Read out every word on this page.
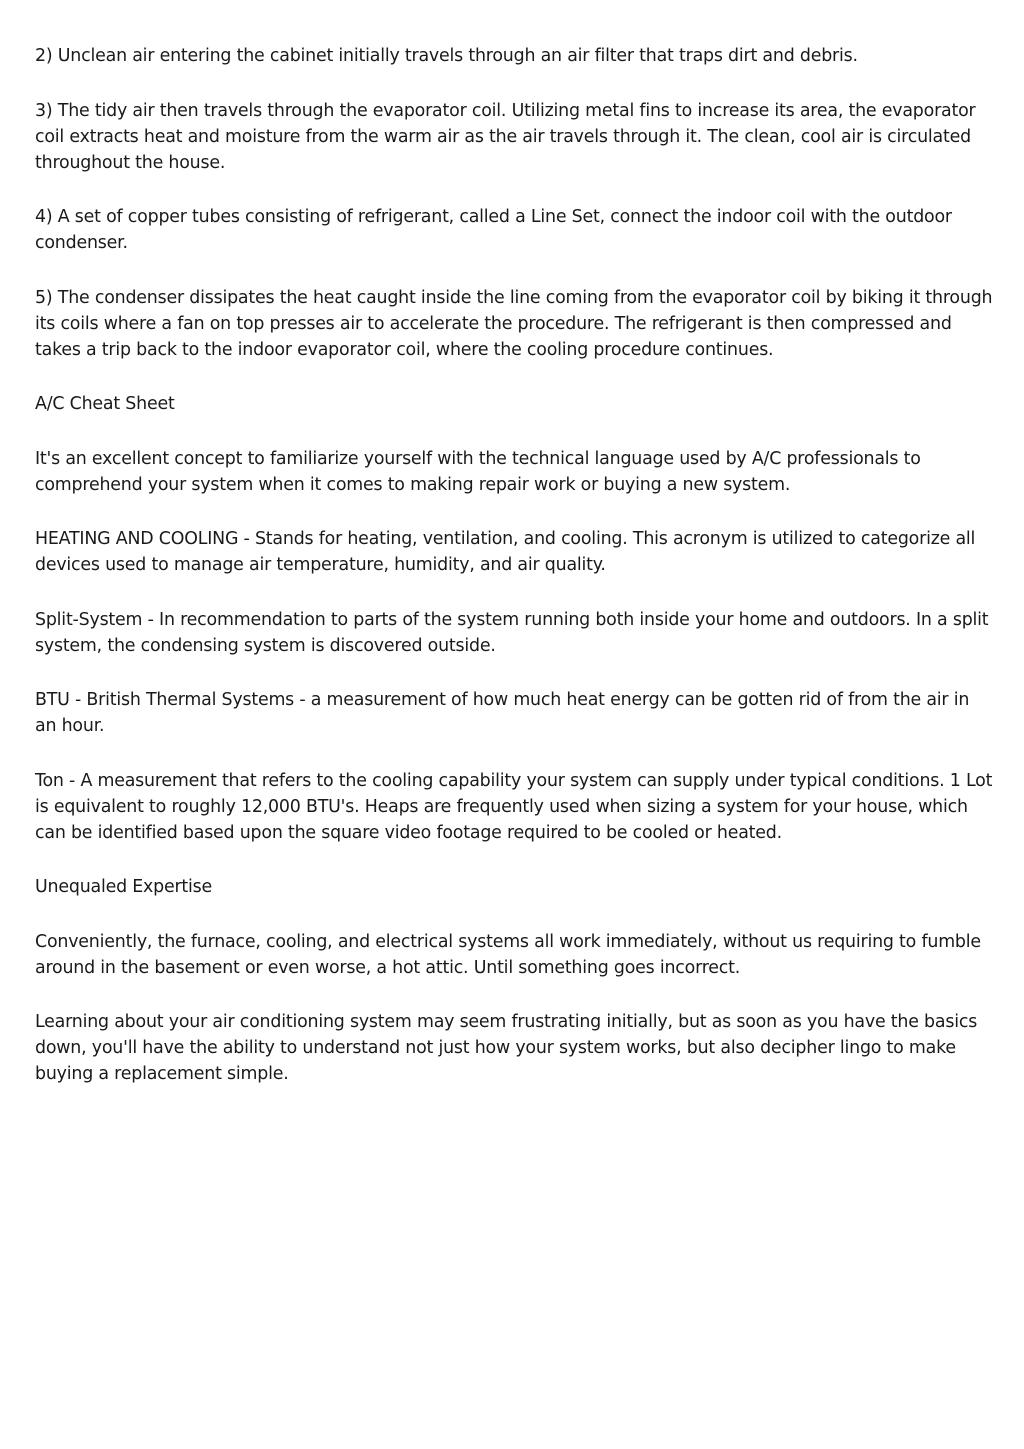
2) Unclean air entering the cabinet initially travels through an air filter that traps dirt and debris.

3) The tidy air then travels through the evaporator coil. Utilizing metal fins to increase its area, the evaporator coil extracts heat and moisture from the warm air as the air travels through it. The clean, cool air is circulated throughout the house.

4) A set of copper tubes consisting of refrigerant, called a Line Set, connect the indoor coil with the outdoor condenser.

5) The condenser dissipates the heat caught inside the line coming from the evaporator coil by biking it through its coils where a fan on top presses air to accelerate the procedure. The refrigerant is then compressed and takes a trip back to the indoor evaporator coil, where the cooling procedure continues.

A/C Cheat Sheet

It's an excellent concept to familiarize yourself with the technical language used by A/C professionals to comprehend your system when it comes to making repair work or buying a new system.

HEATING AND COOLING - Stands for heating, ventilation, and cooling. This acronym is utilized to categorize all devices used to manage air temperature, humidity, and air quality.

Split-System - In recommendation to parts of the system running both inside your home and outdoors. In a split system, the condensing system is discovered outside.

BTU - British Thermal Systems - a measurement of how much heat energy can be gotten rid of from the air in an hour.

Ton - A measurement that refers to the cooling capability your system can supply under typical conditions. 1 Lot is equivalent to roughly 12,000 BTU's. Heaps are frequently used when sizing a system for your house, which can be identified based upon the square video footage required to be cooled or heated.

Unequaled Expertise

Conveniently, the furnace, cooling, and electrical systems all work immediately, without us requiring to fumble around in the basement or even worse, a hot attic. Until something goes incorrect.

Learning about your air conditioning system may seem frustrating initially, but as soon as you have the basics down, you'll have the ability to understand not just how your system works, but also decipher lingo to make buying a replacement simple.
